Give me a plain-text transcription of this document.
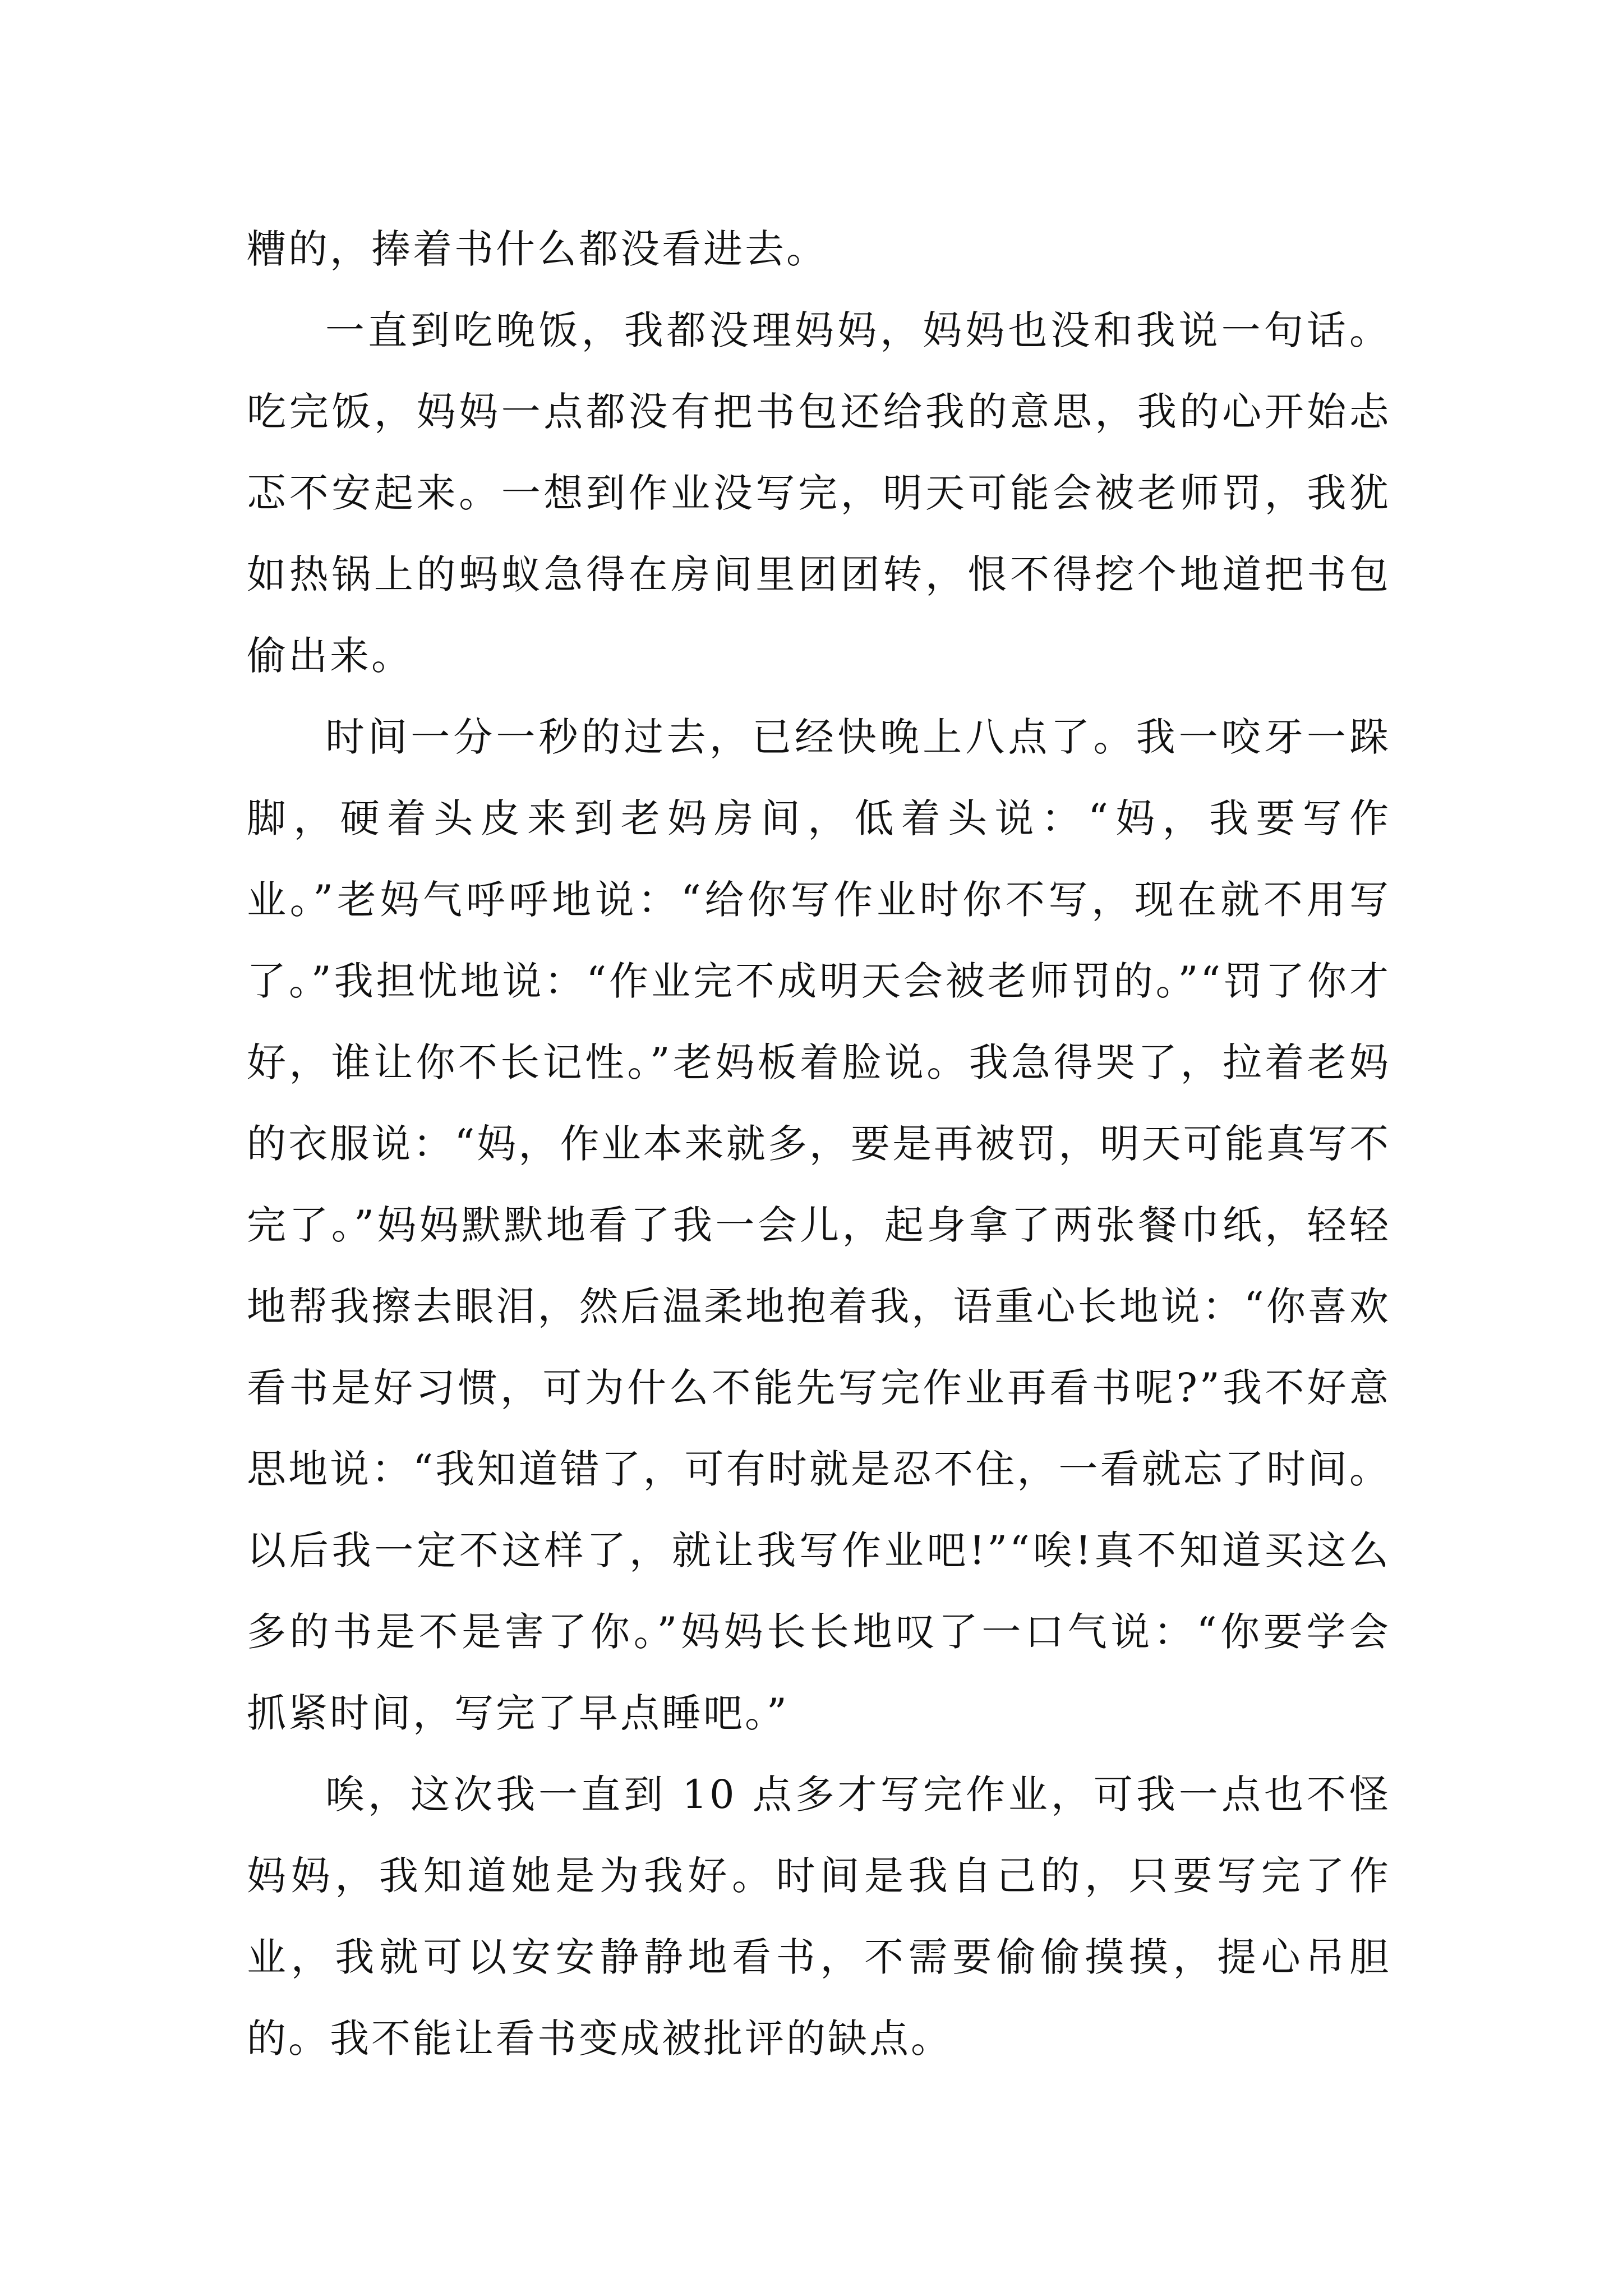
糟的，捧着书什么都没看进去。

一直到吃晚饭，我都没理妈妈，妈妈也没和我说一句话。吃完饭，妈妈一点都没有把书包还给我的意思，我的心开始忐忑不安起来。一想到作业没写完，明天可能会被老师罚，我犹如热锅上的蚂蚁急得在房间里团团转，恨不得挖个地道把书包偷出来。

时间一分一秒的过去，已经快晚上八点了。我一咬牙一跺脚，硬着头皮来到老妈房间，低着头说：“妈，我要写作业。”老妈气呼呼地说：“给你写作业时你不写，现在就不用写了。”我担忧地说：“作业完不成明天会被老师罚的。”“罚了你才好，谁让你不长记性。”老妈板着脸说。我急得哭了，拉着老妈的衣服说：“妈，作业本来就多，要是再被罚，明天可能真写不完了。”妈妈默默地看了我一会儿，起身拿了两张餐巾纸，轻轻地帮我擦去眼泪，然后温柔地抱着我，语重心长地说：“你喜欢看书是好习惯，可为什么不能先写完作业再看书呢?”我不好意思地说：“我知道错了，可有时就是忍不住，一看就忘了时间。以后我一定不这样了，就让我写作业吧!”“唉!真不知道买这么多的书是不是害了你。”妈妈长长地叹了一口气说：“你要学会抓紧时间，写完了早点睡吧。”

唉，这次我一直到 10 点多才写完作业，可我一点也不怪妈妈，我知道她是为我好。时间是我自己的，只要写完了作业，我就可以安安静静地看书，不需要偷偷摸摸，提心吊胆的。我不能让看书变成被批评的缺点。
